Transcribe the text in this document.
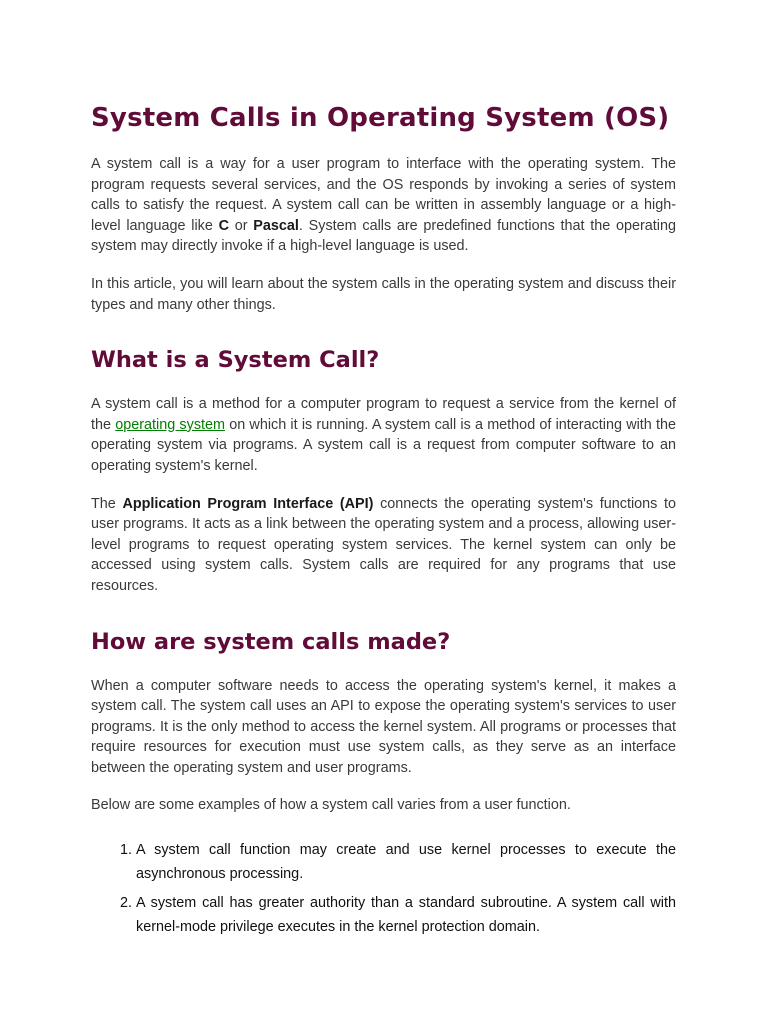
System Calls in Operating System (OS)

A system call is a way for a user program to interface with the operating system. The program requests several services, and the OS responds by invoking a series of system calls to satisfy the request. A system call can be written in assembly language or a high-level language like C or Pascal. System calls are predefined functions that the operating system may directly invoke if a high-level language is used.

In this article, you will learn about the system calls in the operating system and discuss their types and many other things.

What is a System Call?

A system call is a method for a computer program to request a service from the kernel of the operating system on which it is running. A system call is a method of interacting with the operating system via programs. A system call is a request from computer software to an operating system's kernel.

The Application Program Interface (API) connects the operating system's functions to user programs. It acts as a link between the operating system and a process, allowing user-level programs to request operating system services. The kernel system can only be accessed using system calls. System calls are required for any programs that use resources.

How are system calls made?

When a computer software needs to access the operating system's kernel, it makes a system call. The system call uses an API to expose the operating system's services to user programs. It is the only method to access the kernel system. All programs or processes that require resources for execution must use system calls, as they serve as an interface between the operating system and user programs.

Below are some examples of how a system call varies from a user function.

1. A system call function may create and use kernel processes to execute the asynchronous processing.
2. A system call has greater authority than a standard subroutine. A system call with kernel-mode privilege executes in the kernel protection domain.
